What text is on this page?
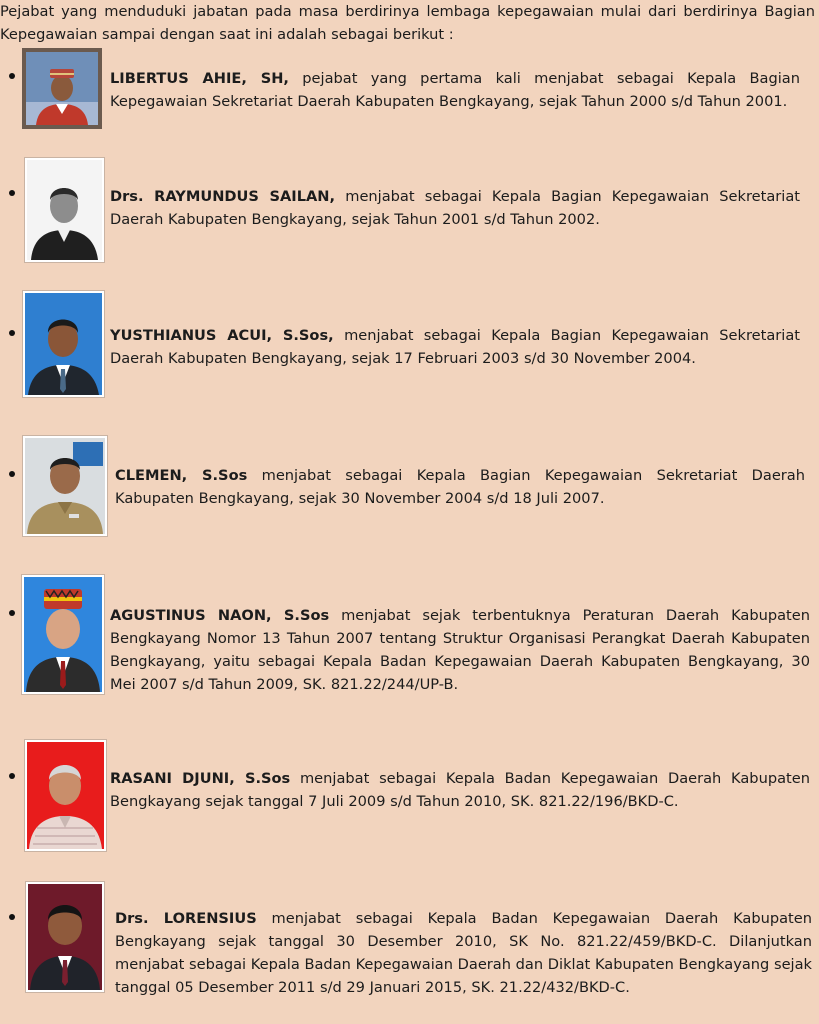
Pejabat yang menduduki jabatan pada masa berdirinya lembaga kepegawaian mulai dari berdirinya Bagian Kepegawaian sampai dengan saat ini adalah sebagai berikut :

LIBERTUS AHIE, SH, pejabat yang pertama kali menjabat sebagai Kepala Bagian Kepegawaian Sekretariat Daerah Kabupaten Bengkayang, sejak Tahun 2000 s/d Tahun 2001.

Drs. RAYMUNDUS SAILAN, menjabat sebagai Kepala Bagian Kepegawaian Sekretariat Daerah Kabupaten Bengkayang, sejak Tahun 2001 s/d Tahun 2002.

YUSTHIANUS ACUI, S.Sos, menjabat sebagai Kepala Bagian Kepegawaian Sekretariat Daerah Kabupaten Bengkayang, sejak 17 Februari 2003 s/d 30 November 2004.

CLEMEN, S.Sos menjabat sebagai Kepala Bagian Kepegawaian Sekretariat Daerah Kabupaten Bengkayang, sejak 30 November 2004 s/d 18 Juli 2007.

AGUSTINUS NAON, S.Sos menjabat sejak terbentuknya Peraturan Daerah Kabupaten Bengkayang Nomor 13 Tahun 2007 tentang Struktur Organisasi Perangkat Daerah Kabupaten Bengkayang, yaitu sebagai Kepala Badan Kepegawaian Daerah Kabupaten Bengkayang, 30 Mei 2007 s/d Tahun 2009, SK. 821.22/244/UP-B.

RASANI DJUNI, S.Sos menjabat sebagai Kepala Badan Kepegawaian Daerah Kabupaten Bengkayang sejak tanggal 7 Juli 2009 s/d Tahun 2010, SK. 821.22/196/BKD-C.

Drs. LORENSIUS menjabat sebagai Kepala Badan Kepegawaian Daerah Kabupaten Bengkayang sejak tanggal 30 Desember 2010, SK No. 821.22/459/BKD-C. Dilanjutkan menjabat sebagai Kepala Badan Kepegawaian Daerah dan Diklat Kabupaten Bengkayang sejak tanggal 05 Desember 2011 s/d 29 Januari 2015, SK. 21.22/432/BKD-C.
